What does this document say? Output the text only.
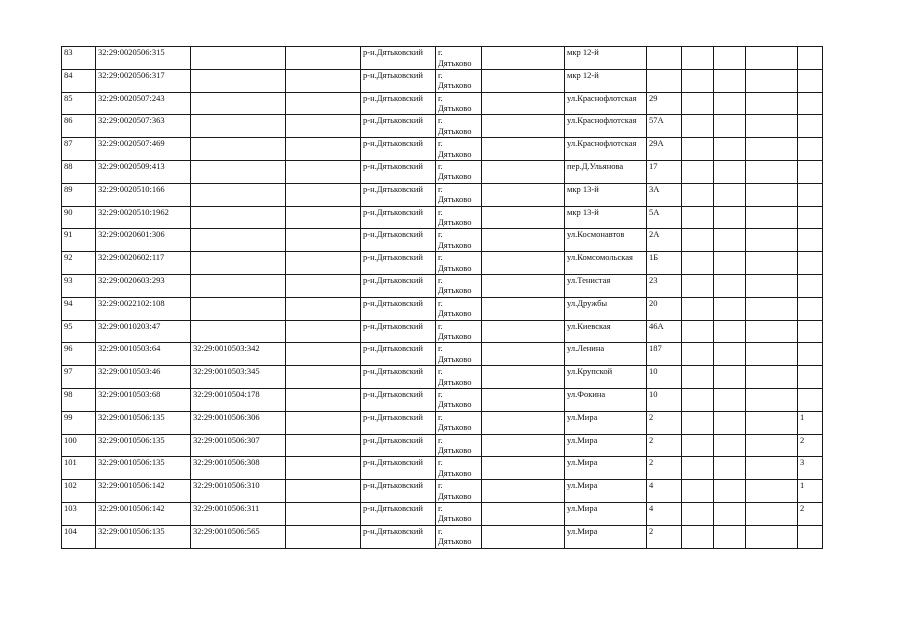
83	32:29:0020506:315			р-н.Дятьковский	г.
Дятьково		мкр 12-й					
84	32:29:0020506:317			р-н.Дятьковский	г.
Дятьково		мкр 12-й					
85	32:29:0020507:243			р-н.Дятьковский	г.
Дятьково		ул.Краснофлотская	29				
86	32:29:0020507:363			р-н.Дятьковский	г.
Дятьково		ул.Краснофлотская	57А				
87	32:29:0020507:469			р-н.Дятьковский	г.
Дятьково		ул.Краснофлотская	29А				
88	32:29:0020509:413			р-н.Дятьковский	г.
Дятьково		пер.Д.Ульянова	17				
89	32:29:0020510:166			р-н.Дятьковский	г.
Дятьково		мкр 13-й	3А				
90	32:29:0020510:1962			р-н.Дятьковский	г.
Дятьково		мкр 13-й	5А				
91	32:29:0020601:306			р-н.Дятьковский	г.
Дятьково		ул.Космонавтов	2А				
92	32:29:0020602:117			р-н.Дятьковский	г.
Дятьково		ул.Комсомольская	1Б				
93	32:29:0020603:293			р-н.Дятьковский	г.
Дятьково		ул.Тенистая	23				
94	32:29:0022102:108			р-н.Дятьковский	г.
Дятьково		ул.Дружбы	20				
95	32:29:0010203:47			р-н.Дятьковский	г.
Дятьково		ул.Киевская	46А				
96	32:29:0010503:64	32:29:0010503:342		р-н.Дятьковский	г.
Дятьково		ул.Ленина	187				
97	32:29:0010503:46	32:29:0010503:345		р-н.Дятьковский	г.
Дятьково		ул.Крупской	10				
98	32:29:0010503:68	32:29:0010504:178		р-н.Дятьковский	г.
Дятьково		ул.Фокина	10				
99	32:29:0010506:135	32:29:0010506:306		р-н.Дятьковский	г.
Дятьково		ул.Мира	2				1
100	32:29:0010506:135	32:29:0010506:307		р-н.Дятьковский	г.
Дятьково		ул.Мира	2				2
101	32:29:0010506:135	32:29:0010506:308		р-н.Дятьковский	г.
Дятьково		ул.Мира	2				3
102	32:29:0010506:142	32:29:0010506:310		р-н.Дятьковский	г.
Дятьково		ул.Мира	4				1
103	32:29:0010506:142	32:29:0010506:311		р-н.Дятьковский	г.
Дятьково		ул.Мира	4				2
104	32:29:0010506:135	32:29:0010506:565		р-н.Дятьковский	г.
Дятьково		ул.Мира	2				
